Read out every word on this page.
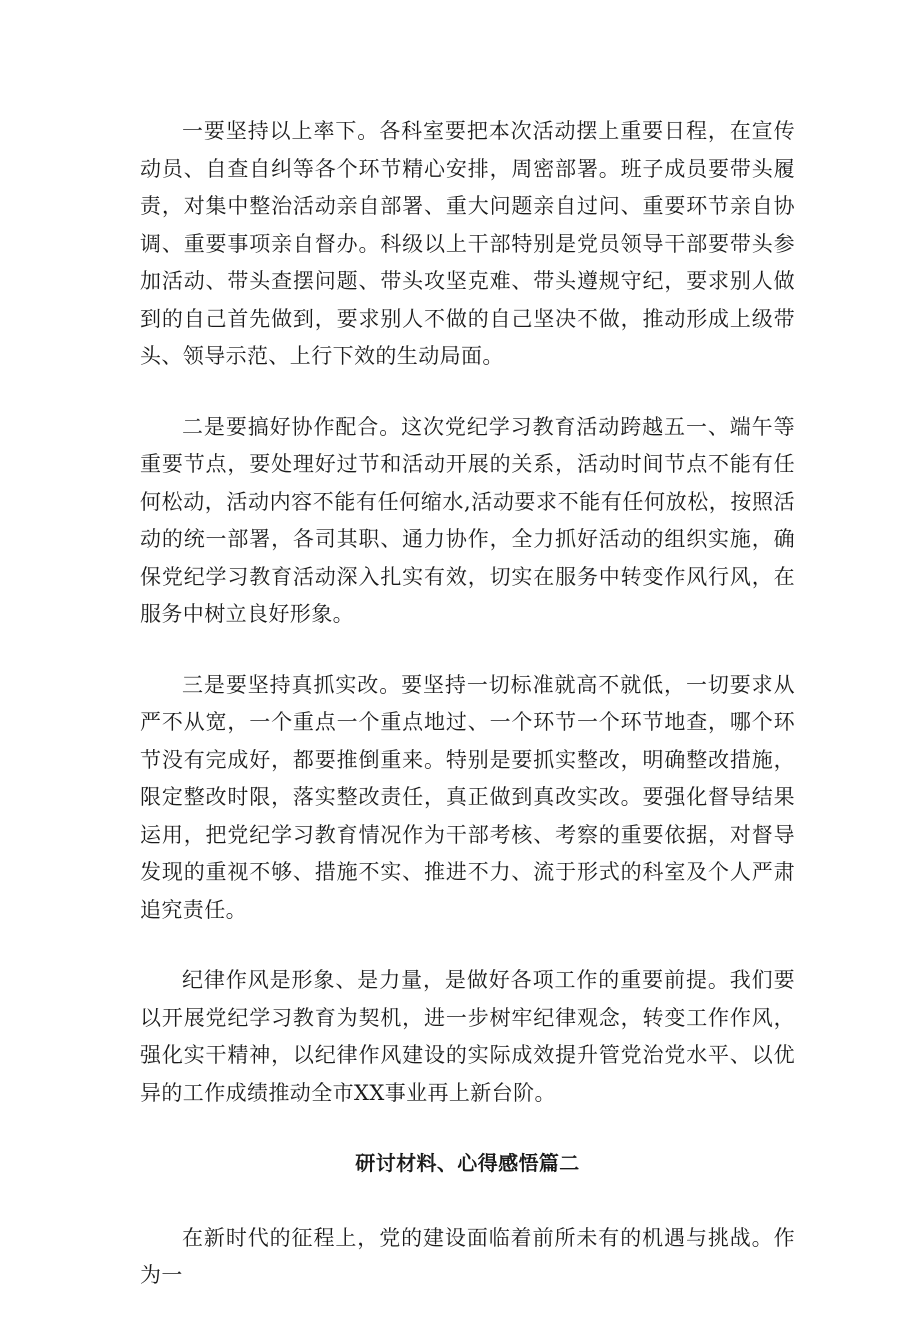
一要坚持以上率下。各科室要把本次活动摆上重要日程，在宣传动员、自查自纠等各个环节精心安排，周密部署。班子成员要带头履责，对集中整治活动亲自部署、重大问题亲自过问、重要环节亲自协调、重要事项亲自督办。科级以上干部特别是党员领导干部要带头参加活动、带头查摆问题、带头攻坚克难、带头遵规守纪，要求别人做到的自己首先做到，要求别人不做的自己坚决不做，推动形成上级带头、领导示范、上行下效的生动局面。

二是要搞好协作配合。这次党纪学习教育活动跨越五一、端午等重要节点，要处理好过节和活动开展的关系，活动时间节点不能有任何松动，活动内容不能有任何缩水,活动要求不能有任何放松，按照活动的统一部署，各司其职、通力协作，全力抓好活动的组织实施，确保党纪学习教育活动深入扎实有效，切实在服务中转变作风行风，在服务中树立良好形象。

三是要坚持真抓实改。要坚持一切标准就高不就低，一切要求从严不从宽，一个重点一个重点地过、一个环节一个环节地查，哪个环节没有完成好，都要推倒重来。特别是要抓实整改，明确整改措施，限定整改时限，落实整改责任，真正做到真改实改。要强化督导结果运用，把党纪学习教育情况作为干部考核、考察的重要依据，对督导发现的重视不够、措施不实、推进不力、流于形式的科室及个人严肃追究责任。

纪律作风是形象、是力量，是做好各项工作的重要前提。我们要以开展党纪学习教育为契机，进一步树牢纪律观念，转变工作作风，强化实干精神，以纪律作风建设的实际成效提升管党治党水平、以优异的工作成绩推动全市XX事业再上新台阶。

研讨材料、心得感悟篇二

在新时代的征程上，党的建设面临着前所未有的机遇与挑战。作为一
